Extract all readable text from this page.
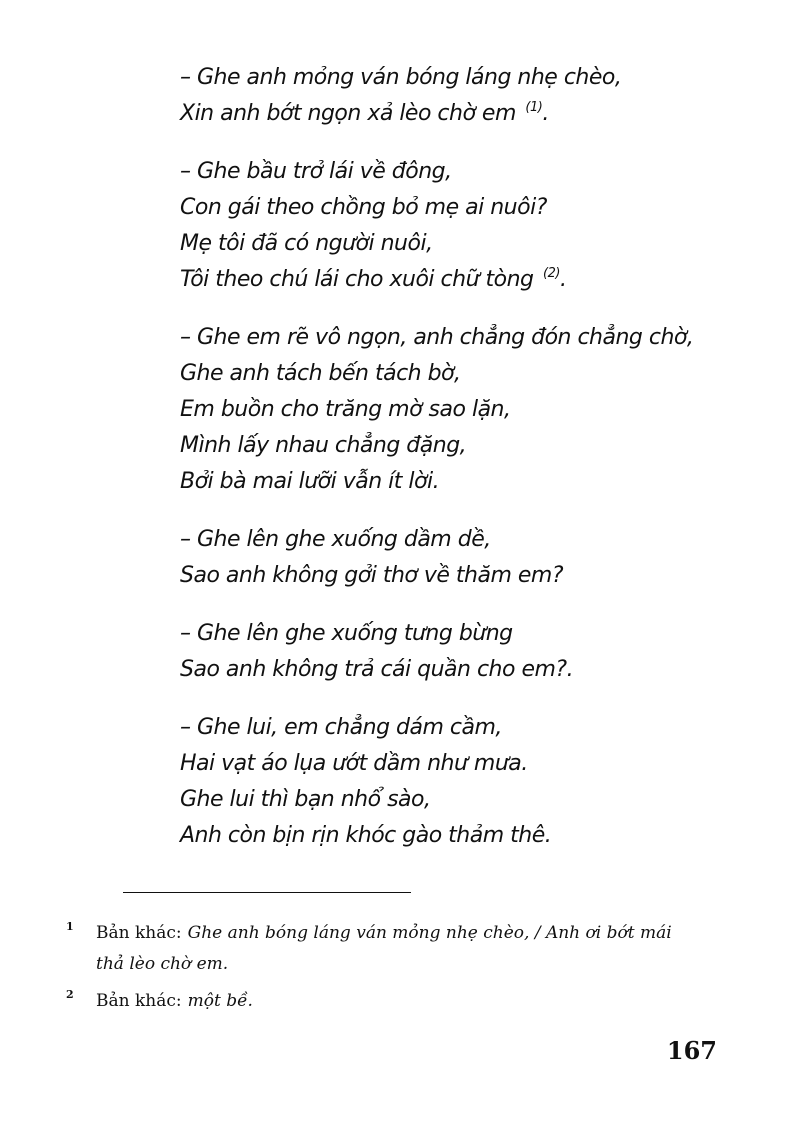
– Ghe anh mỏng ván bóng láng nhẹ chèo,
Xin anh bớt ngọn xả lèo chờ em $^{(1)}$.
– Ghe bầu trở lái về đông,
Con gái theo chồng bỏ mẹ ai nuôi?
Mẹ tôi đã có người nuôi,
Tôi theo chú lái cho xuôi chữ tòng $^{(2)}$.
– Ghe em rẽ vô ngọn, anh chẳng đón chẳng chờ,
Ghe anh tách bến tách bờ,
Em buồn cho trăng mờ sao lặn,
Mình lấy nhau chẳng đặng,
Bởi bà mai lưỡi vẫn ít lời.
– Ghe lên ghe xuống dầm dề,
Sao anh không gởi thơ về thăm em?
– Ghe lên ghe xuống tưng bừng
Sao anh không trả cái quần cho em?.
– Ghe lui, em chẳng dám cầm,
Hai vạt áo lụa ướt dầm như mưa.
Ghe lui thì bạn nhổ sào,
Anh còn bịn rịn khóc gào thảm thê.
1 Bản khác: Ghe anh bóng láng ván mỏng nhẹ chèo, / Anh ơi bớt mái
thả lèo chờ em.
2 Bản khác: một bề.
167
